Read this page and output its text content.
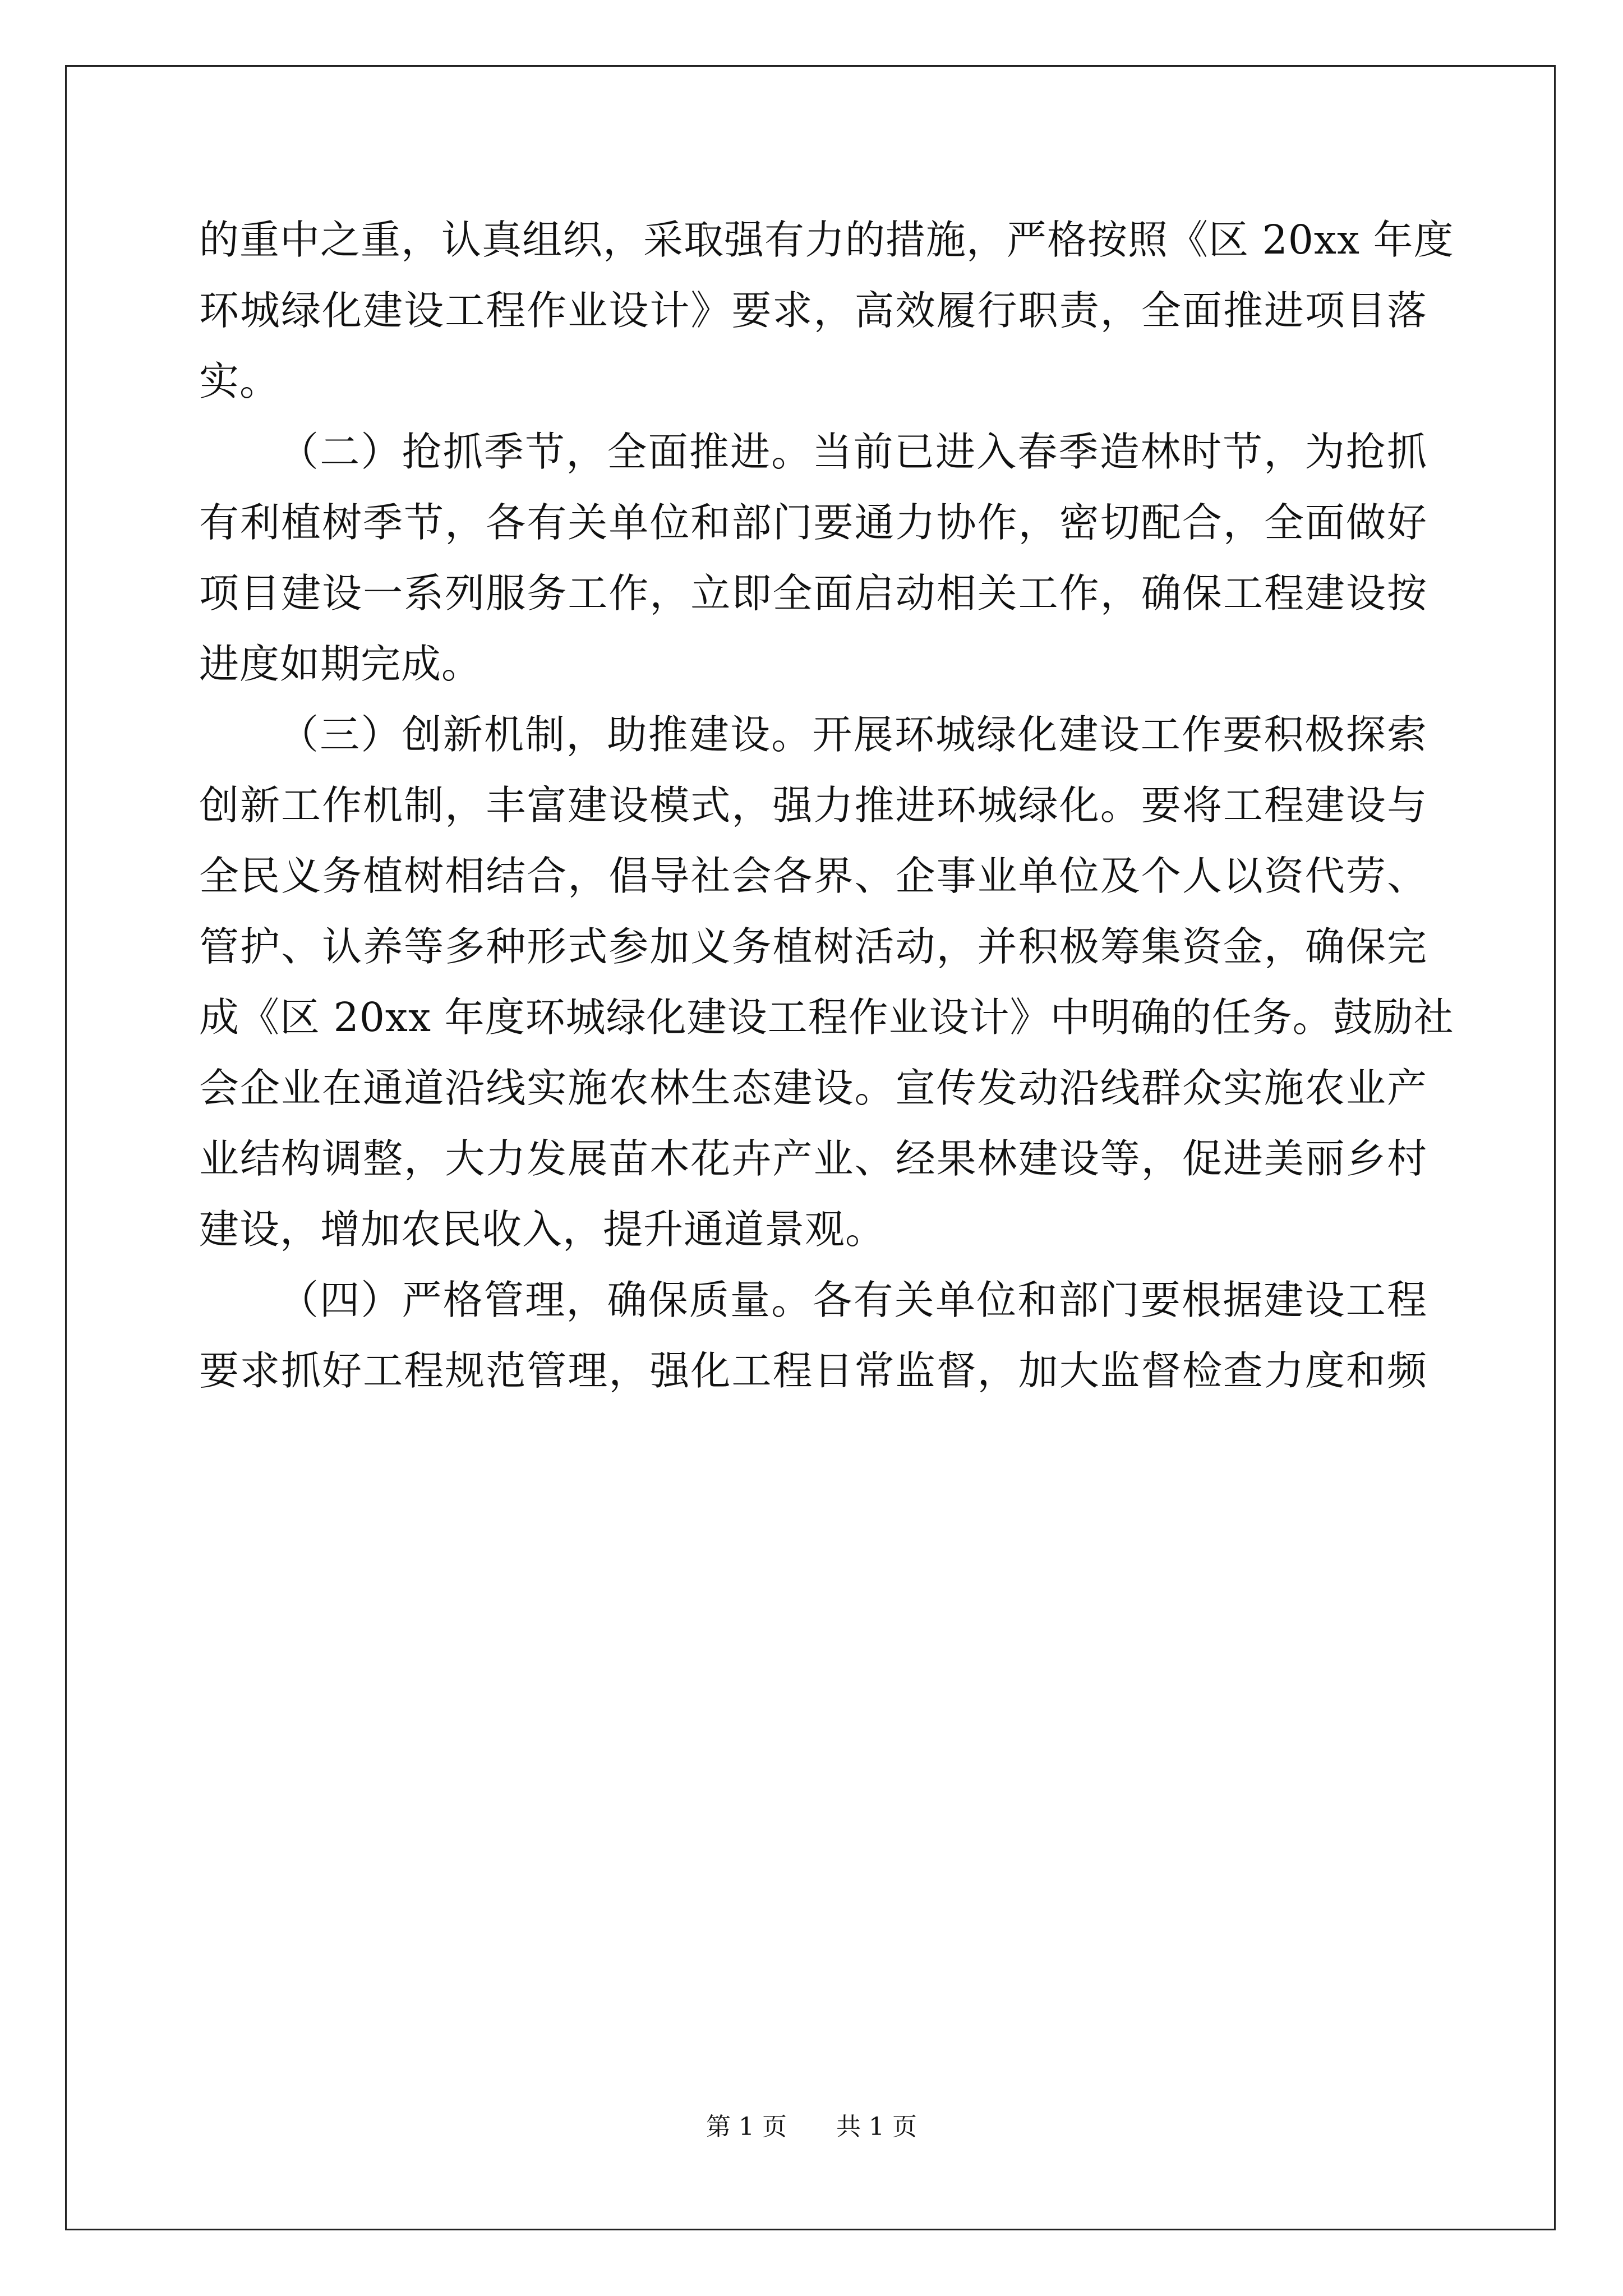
的重中之重，认真组织，采取强有力的措施，严格按照《区 20xx 年度
环城绿化建设工程作业设计》要求，高效履行职责，全面推进项目落
实。

（二）抢抓季节，全面推进。当前已进入春季造林时节，为抢抓
有利植树季节，各有关单位和部门要通力协作，密切配合，全面做好
项目建设一系列服务工作，立即全面启动相关工作，确保工程建设按
进度如期完成。

（三）创新机制，助推建设。开展环城绿化建设工作要积极探索
创新工作机制，丰富建设模式，强力推进环城绿化。要将工程建设与
全民义务植树相结合，倡导社会各界、企事业单位及个人以资代劳、
管护、认养等多种形式参加义务植树活动，并积极筹集资金，确保完
成《区 20xx 年度环城绿化建设工程作业设计》中明确的任务。鼓励社
会企业在通道沿线实施农林生态建设。宣传发动沿线群众实施农业产
业结构调整，大力发展苗木花卉产业、经果林建设等，促进美丽乡村
建设，增加农民收入，提升通道景观。

（四）严格管理，确保质量。各有关单位和部门要根据建设工程
要求抓好工程规范管理，强化工程日常监督，加大监督检查力度和频

第 1 页 共 1 页
